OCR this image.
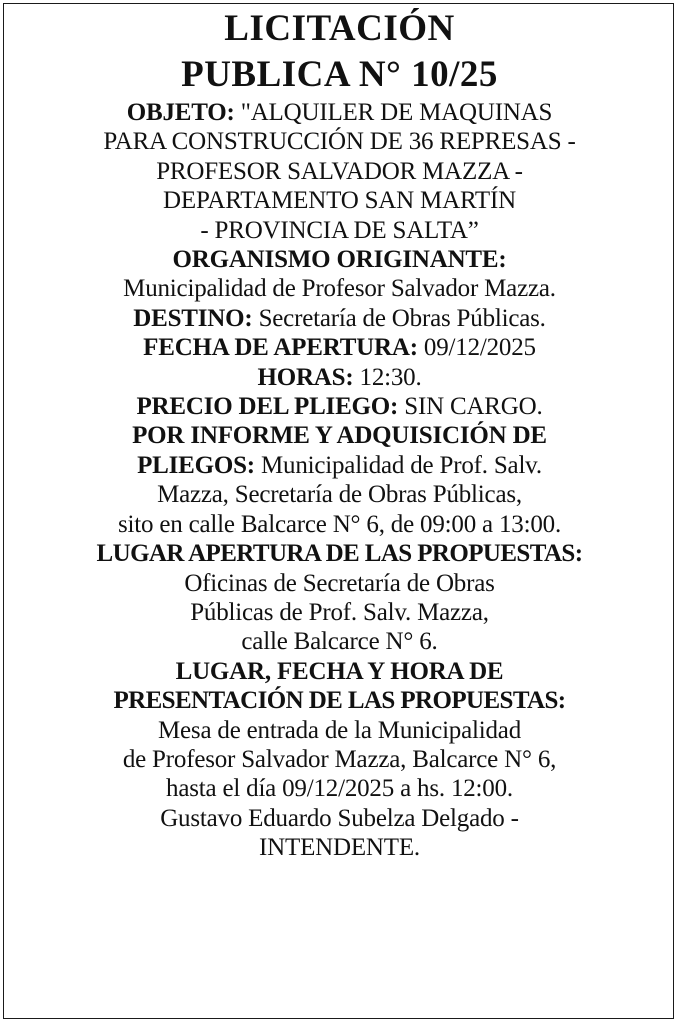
LICITACIÓN
PUBLICA N° 10/25
OBJETO: "ALQUILER DE MAQUINAS
PARA CONSTRUCCIÓN DE 36 REPRESAS -
PROFESOR SALVADOR MAZZA -
DEPARTAMENTO SAN MARTÍN
- PROVINCIA DE SALTA”
ORGANISMO ORIGINANTE:
Municipalidad de Profesor Salvador Mazza.
DESTINO: Secretaría de Obras Públicas.
FECHA DE APERTURA: 09/12/2025
HORAS: 12:30.
PRECIO DEL PLIEGO: SIN CARGO.
POR INFORME Y ADQUISICIÓN DE
PLIEGOS: Municipalidad de Prof. Salv.
Mazza, Secretaría de Obras Públicas,
sito en calle Balcarce N° 6, de 09:00 a 13:00.
LUGAR APERTURA DE LAS PROPUESTAS:
Oficinas de Secretaría de Obras
Públicas de Prof. Salv. Mazza,
calle Balcarce N° 6.
LUGAR, FECHA Y HORA DE
PRESENTACIÓN DE LAS PROPUESTAS:
Mesa de entrada de la Municipalidad
de Profesor Salvador Mazza, Balcarce N° 6,
hasta el día 09/12/2025 a hs. 12:00.
Gustavo Eduardo Subelza Delgado -
INTENDENTE.
